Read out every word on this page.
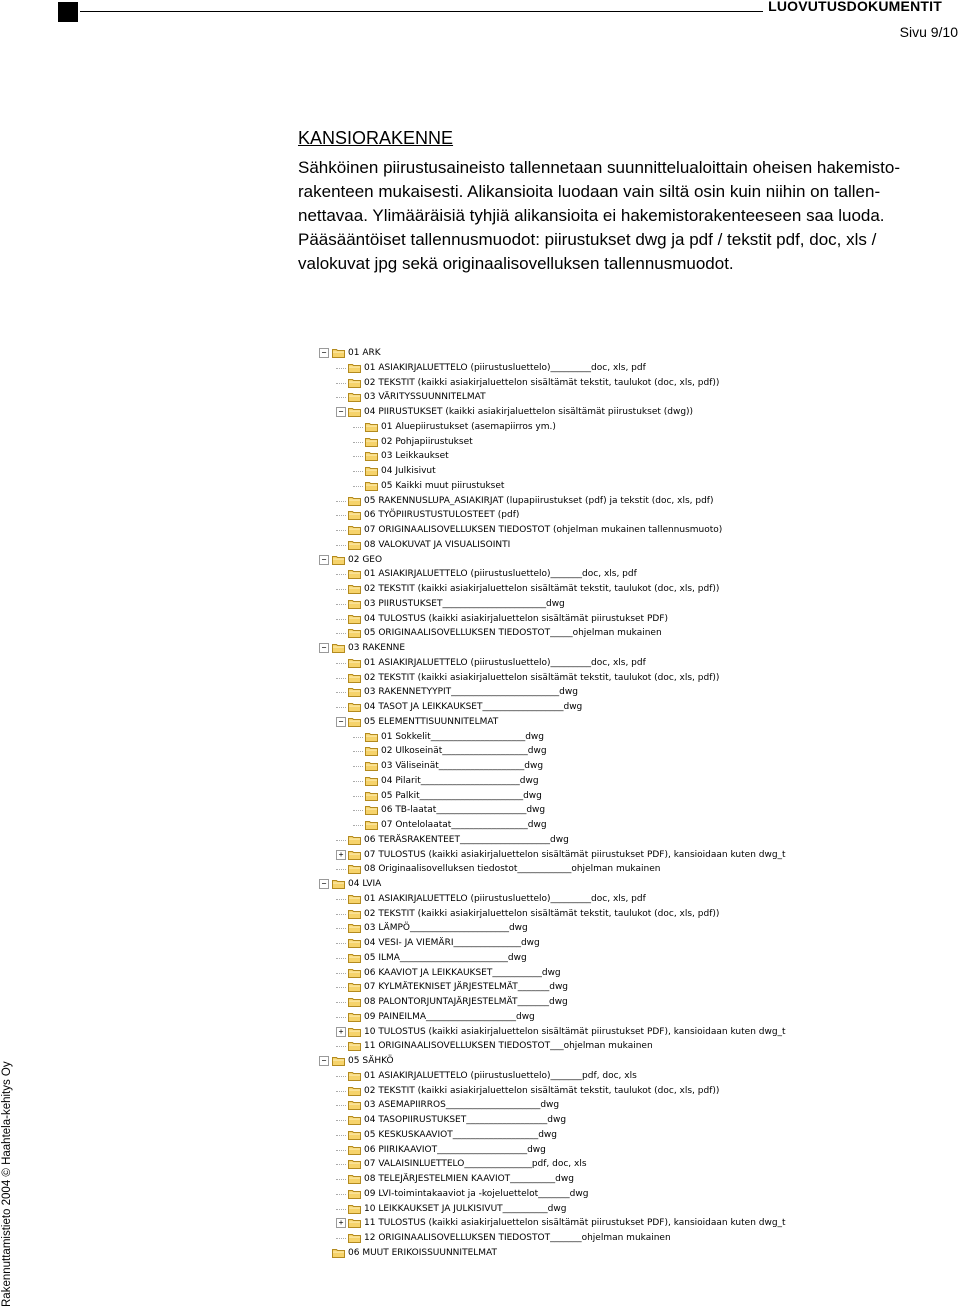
LUOVUTUSDOKUMENTIT
Sivu 9/10
KANSIORAKENNE
Sähköinen piirustusaineisto tallennetaan suunnittelualoittain oheisen hakemisto-
rakenteen mukaisesti. Alikansioita luodaan vain siltä osin kuin niihin on tallen-
nettavaa. Ylimääräisiä tyhjiä alikansioita ei hakemistorakenteeseen saa luoda.
Pääsääntöiset tallennusmuodot: piirustukset dwg ja pdf / tekstit pdf, doc, xls /
valokuvat jpg sekä originaalisovelluksen tallennusmuodot.
01 ARK
−
01 ASIAKIRJALUETTELO (piirustusluettelo)_________doc, xls, pdf
02 TEKSTIT (kaikki asiakirjaluettelon sisältämät tekstit, taulukot (doc, xls, pdf))
03 VÄRITYSSUUNNITELMAT
04 PIIRUSTUKSET (kaikki asiakirjaluettelon sisältämät piirustukset (dwg))
−
01 Aluepiirustukset (asemapiirros ym.)
02 Pohjapiirustukset
03 Leikkaukset
04 Julkisivut
05 Kaikki muut piirustukset
05 RAKENNUSLUPA_ASIAKIRJAT (lupapiirustukset (pdf) ja tekstit (doc, xls, pdf)
06 TYÖPIIRUSTUSTULOSTEET (pdf)
07 ORIGINAALISOVELLUKSEN TIEDOSTOT (ohjelman mukainen tallennusmuoto)
08 VALOKUVAT JA VISUALISOINTI
02 GEO
−
01 ASIAKIRJALUETTELO (piirustusluettelo)_______doc, xls, pdf
02 TEKSTIT (kaikki asiakirjaluettelon sisältämät tekstit, taulukot (doc, xls, pdf))
03 PIIRUSTUKSET_______________________dwg
04 TULOSTUS (kaikki asiakirjaluettelon sisältämät piirustukset PDF)
05 ORIGINAALISOVELLUKSEN TIEDOSTOT_____ohjelman mukainen
03 RAKENNE
−
01 ASIAKIRJALUETTELO (piirustusluettelo)_________doc, xls, pdf
02 TEKSTIT (kaikki asiakirjaluettelon sisältämät tekstit, taulukot (doc, xls, pdf))
03 RAKENNETYYPIT________________________dwg
04 TASOT JA LEIKKAUKSET__________________dwg
05 ELEMENTTISUUNNITELMAT
−
01 Sokkelit_____________________dwg
02 Ulkoseinät___________________dwg
03 Väliseinät___________________dwg
04 Pilarit______________________dwg
05 Palkit_______________________dwg
06 TB-laatat____________________dwg
07 Ontelolaatat_________________dwg
06 TERÄSRAKENTEET____________________dwg
07 TULOSTUS (kaikki asiakirjaluettelon sisältämät piirustukset PDF), kansioidaan kuten dwg_t
+
08 Originaalisovelluksen tiedostot____________ohjelman mukainen
04 LVIA
−
01 ASIAKIRJALUETTELO (piirustusluettelo)_________doc, xls, pdf
02 TEKSTIT (kaikki asiakirjaluettelon sisältämät tekstit, taulukot (doc, xls, pdf))
03 LÄMPÖ______________________dwg
04 VESI- JA VIEMÄRI_______________dwg
05 ILMA________________________dwg
06 KAAVIOT JA LEIKKAUKSET___________dwg
07 KYLMÄTEKNISET JÄRJESTELMÄT_______dwg
08 PALONTORJUNTAJÄRJESTELMÄT_______dwg
09 PAINEILMA____________________dwg
10 TULOSTUS (kaikki asiakirjaluettelon sisältämät piirustukset PDF), kansioidaan kuten dwg_t
+
11 ORIGINAALISOVELLUKSEN TIEDOSTOT___ohjelman mukainen
05 SÄHKÖ
−
01 ASIAKIRJALUETTELO (piirustusluettelo)_______pdf, doc, xls
02 TEKSTIT (kaikki asiakirjaluettelon sisältämät tekstit, taulukot (doc, xls, pdf))
03 ASEMAPIIRROS_____________________dwg
04 TASOPIIRUSTUKSET__________________dwg
05 KESKUSKAAVIOT___________________dwg
06 PIIRIKAAVIOT____________________dwg
07 VALAISINLUETTELO_______________pdf, doc, xls
08 TELEJÄRJESTELMIEN KAAVIOT__________dwg
09 LVI-toimintakaaviot ja -kojeluettelot_______dwg
10 LEIKKAUKSET JA JULKISIVUT__________dwg
11 TULOSTUS (kaikki asiakirjaluettelon sisältämät piirustukset PDF), kansioidaan kuten dwg_t
+
12 ORIGINAALISOVELLUKSEN TIEDOSTOT_______ohjelman mukainen
06 MUUT ERIKOISSUUNNITELMAT
Rakennuttamistieto 2004 © Haahtela-kehitys Oy
